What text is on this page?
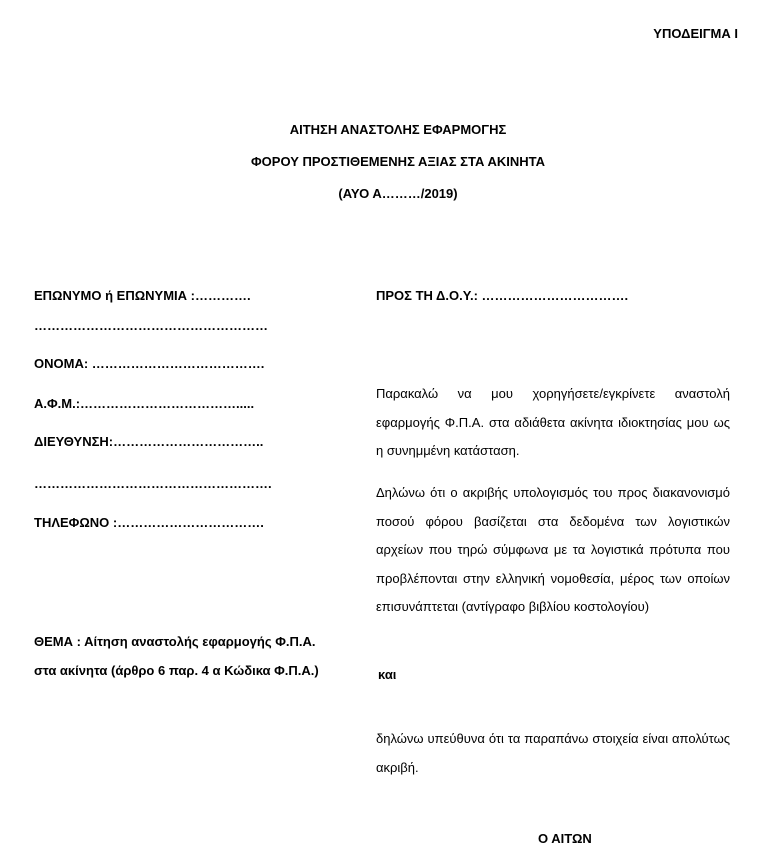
ΥΠΟΔΕΙΓΜΑ Ι
ΑΙΤΗΣΗ ΑΝΑΣΤΟΛΗΣ ΕΦΑΡΜΟΓΗΣ
ΦΟΡΟΥ ΠΡΟΣΤΙΘΕΜΕΝΗΣ ΑΞΙΑΣ ΣΤΑ ΑΚΙΝΗΤΑ
(ΑΥΟ Α………/2019)
ΕΠΩΝΥΜΟ ή ΕΠΩΝΥΜΙΑ :………….
………………………………………………
ΟΝΟΜΑ: ………………………………….
Α.Φ.Μ.:……………………………….....
ΔΙΕΥΘΥΝΣΗ:……………………………..
……………………………………………….
ΤΗΛΕΦΩΝΟ :…………………………….
ΘΕΜΑ : Αίτηση αναστολής εφαρμογής Φ.Π.Α.
στα ακίνητα (άρθρο 6 παρ. 4 α Κώδικα Φ.Π.Α.)
ΠΡΟΣ ΤΗ Δ.Ο.Υ.: …………………………….

Παρακαλώ να μου χορηγήσετε/εγκρίνετε αναστολή εφαρμογής Φ.Π.Α. στα αδιάθετα ακίνητα ιδιοκτησίας μου ως η συνημμένη κατάσταση.

Δηλώνω ότι ο ακριβής υπολογισμός του προς διακανονισμό ποσού φόρου βασίζεται στα δεδομένα των λογιστικών αρχείων που τηρώ σύμφωνα με τα λογιστικά πρότυπα που προβλέπονται στην ελληνική νομοθεσία, μέρος των οποίων επισυνάπτεται (αντίγραφο βιβλίου κοστολογίου)

και

δηλώνω υπεύθυνα ότι τα παραπάνω στοιχεία είναι απολύτως ακριβή.

Ο ΑΙΤΩΝ
